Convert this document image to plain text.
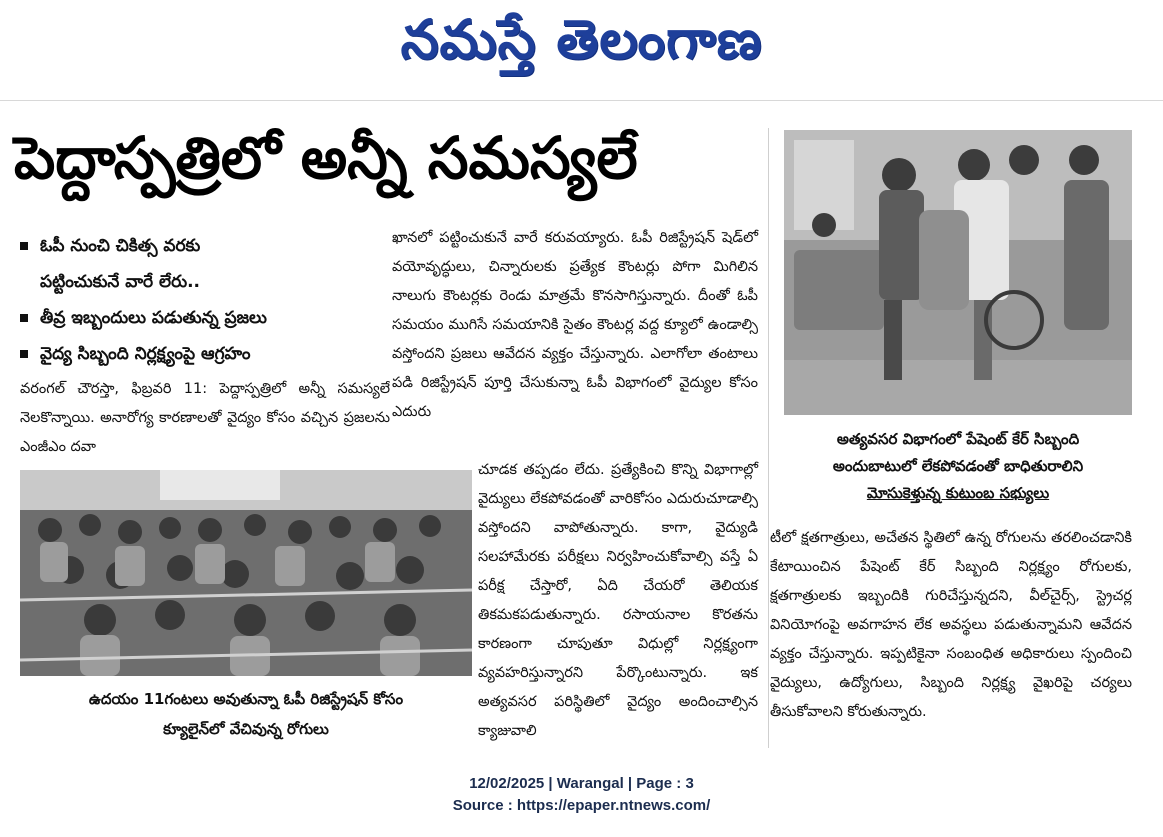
నమస్తే తెలంగాణ
పెద్దాస్పత్రిలో అన్నీ సమస్యలే
ఓపీ నుంచి చికిత్స వరకు
పట్టించుకునే వారే లేరు..
తీవ్ర ఇబ్బందులు పడుతున్న ప్రజలు
వైద్య సిబ్బంది నిర్లక్ష్యంపై ఆగ్రహం
వరంగల్ చౌరస్తా, ఫిబ్రవరి 11: పెద్దాస్పత్రిలో అన్నీ సమస్యలే నెలకొన్నాయి. అనారోగ్య కారణాలతో వైద్యం కోసం వచ్చిన ప్రజలను ఎంజీఎం దవా
ఉదయం 11గంటలు అవుతున్నా ఓపీ రిజిస్ట్రేషన్ కోసం
క్యూలైన్‌లో వేచివున్న రోగులు
ఖానలో పట్టించుకునే వారే కరువయ్యారు. ఓపీ రిజిస్ట్రేషన్ షెడ్‌లో వయోవృద్ధులు, చిన్నారులకు ప్రత్యేక కౌంటర్లు పోగా మిగిలిన నాలుగు కౌంటర్లకు రెండు మాత్రమే కొనసాగిస్తున్నారు. దీంతో ఓపీ సమయం ముగిసే సమయానికి సైతం కౌంటర్ల వద్ద క్యూలో ఉండాల్సి వస్తోందని ప్రజలు ఆవేదన వ్యక్తం చేస్తున్నారు. ఎలాగోలా తంటాలు పడి రిజిస్ట్రేషన్ పూర్తి చేసుకున్నా ఓపీ విభాగంలో వైద్యుల కోసం ఎదురు
చూడక తప్పడం లేదు. ప్రత్యేకించి కొన్ని విభాగాల్లో వైద్యులు లేకపోవడంతో వారికోసం ఎదురుచూడాల్సి వస్తోందని వాపోతున్నారు. కాగా, వైద్యుడి సలహామేరకు పరీక్షలు నిర్వహించుకోవాల్సి వస్తే ఏ పరీక్ష చేస్తారో, ఏది చేయరో తెలియక తికమకపడుతున్నారు. రసాయనాల కొరతను కారణంగా చూపుతూ విధుల్లో నిర్లక్ష్యంగా వ్యవహరిస్తున్నారని పేర్కొంటున్నారు. ఇక అత్యవసర పరిస్థితిలో వైద్యం అందించాల్సిన క్యాజువాలి
అత్యవసర విభాగంలో పేషెంట్ కేర్ సిబ్బంది
అందుబాటులో లేకపోవడంతో బాధితురాలిని
మోసుకెళ్తున్న కుటుంబ సభ్యులు
టీలో క్షతగాత్రులు, అచేతన స్థితిలో ఉన్న రోగులను తరలించడానికి కేటాయించిన పేషెంట్ కేర్ సిబ్బంది నిర్లక్ష్యం రోగులకు, క్షతగాత్రులకు ఇబ్బందికి గురిచేస్తున్నదని, వీల్‌చైర్స్, స్ట్రెచర్ల వినియోగంపై అవగాహన లేక అవస్థలు పడుతున్నామని ఆవేదన వ్యక్తం చేస్తున్నారు. ఇప్పటికైనా సంబంధిత అధికారులు స్పందించి వైద్యులు, ఉద్యోగులు, సిబ్బంది నిర్లక్ష్య వైఖరిపై చర్యలు తీసుకోవాలని కోరుతున్నారు.
12/02/2025 | Warangal | Page : 3
Source : https://epaper.ntnews.com/
